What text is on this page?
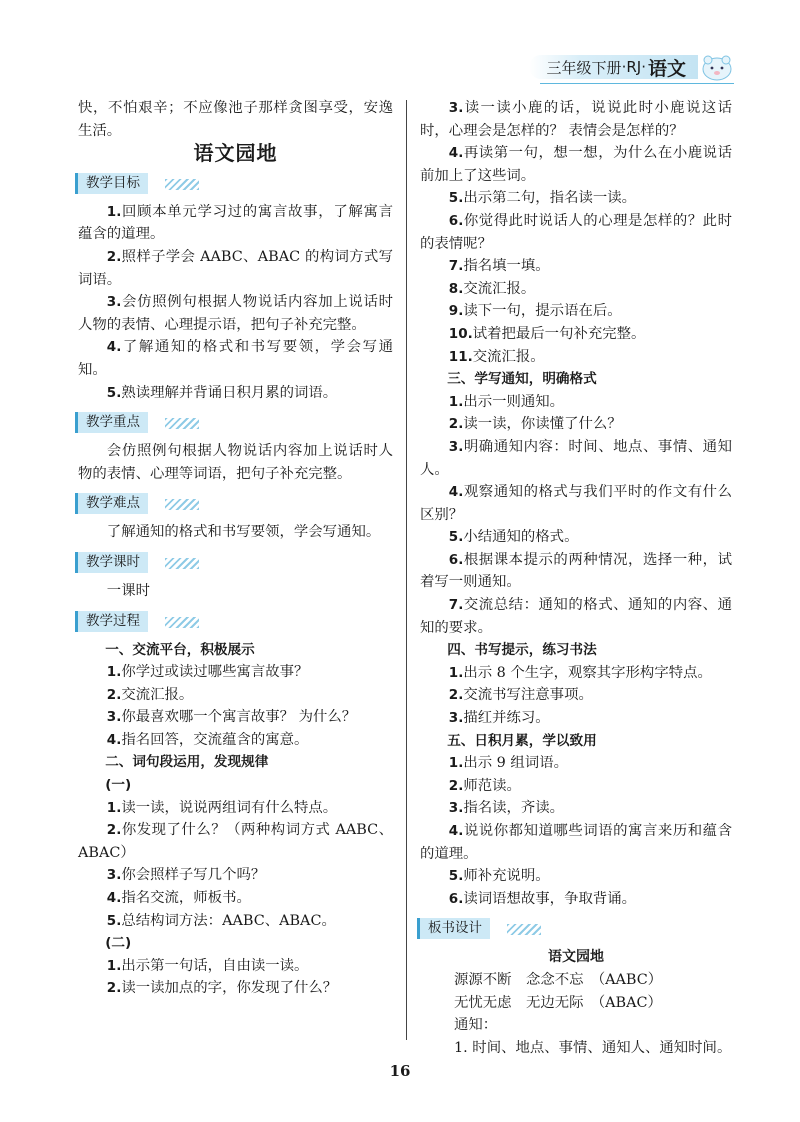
三年级下册 · RJ · 语文

快，不怕艰辛；不应像池子那样贪图享受，安逸生活。

语文园地

教学目标

1.回顾本单元学习过的寓言故事，了解寓言蕴含的道理。

2.照样子学会 AABC、ABAC 的构词方式写词语。

3.会仿照例句根据人物说话内容加上说话时人物的表情、心理提示语，把句子补充完整。

4.了解通知的格式和书写要领，学会写通知。

5.熟读理解并背诵日积月累的词语。

教学重点

会仿照例句根据人物说话内容加上说话时人物的表情、心理等词语，把句子补充完整。

教学难点

了解通知的格式和书写要领，学会写通知。

教学课时

一课时

教学过程

一、交流平台，积极展示

1.你学过或读过哪些寓言故事？

2.交流汇报。

3.你最喜欢哪一个寓言故事？ 为什么？

4.指名回答，交流蕴含的寓意。

二、词句段运用，发现规律

(一)

1.读一读，说说两组词有什么特点。

2.你发现了什么？（两种构词方式 AABC、ABAC）

3.你会照样子写几个吗？

4.指名交流，师板书。

5.总结构词方法：AABC、ABAC。

(二)

1.出示第一句话，自由读一读。

2.读一读加点的字，你发现了什么？

3.读一读小鹿的话，说说此时小鹿说这话时，心理会是怎样的？ 表情会是怎样的？

4.再读第一句，想一想，为什么在小鹿说话前加上了这些词。

5.出示第二句，指名读一读。

6.你觉得此时说话人的心理是怎样的？此时的表情呢？

7.指名填一填。

8.交流汇报。

9.读下一句，提示语在后。

10.试着把最后一句补充完整。

11.交流汇报。

三、学写通知，明确格式

1.出示一则通知。

2.读一读，你读懂了什么？

3.明确通知内容：时间、地点、事情、通知人。

4.观察通知的格式与我们平时的作文有什么区别？

5.小结通知的格式。

6.根据课本提示的两种情况，选择一种，试着写一则通知。

7.交流总结：通知的格式、通知的内容、通知的要求。

四、书写提示，练习书法

1.出示 8 个生字，观察其字形构字特点。

2.交流书写注意事项。

3.描红并练习。

五、日积月累，学以致用

1.出示 9 组词语。

2.师范读。

3.指名读，齐读。

4.说说你都知道哪些词语的寓言来历和蕴含的道理。

5.师补充说明。

6.读词语想故事，争取背诵。

板书设计

语文园地

源源不断　念念不忘　（AABC）

无忧无虑　无边无际　（ABAC）

通知：

1. 时间、地点、事情、通知人、通知时间。

16
